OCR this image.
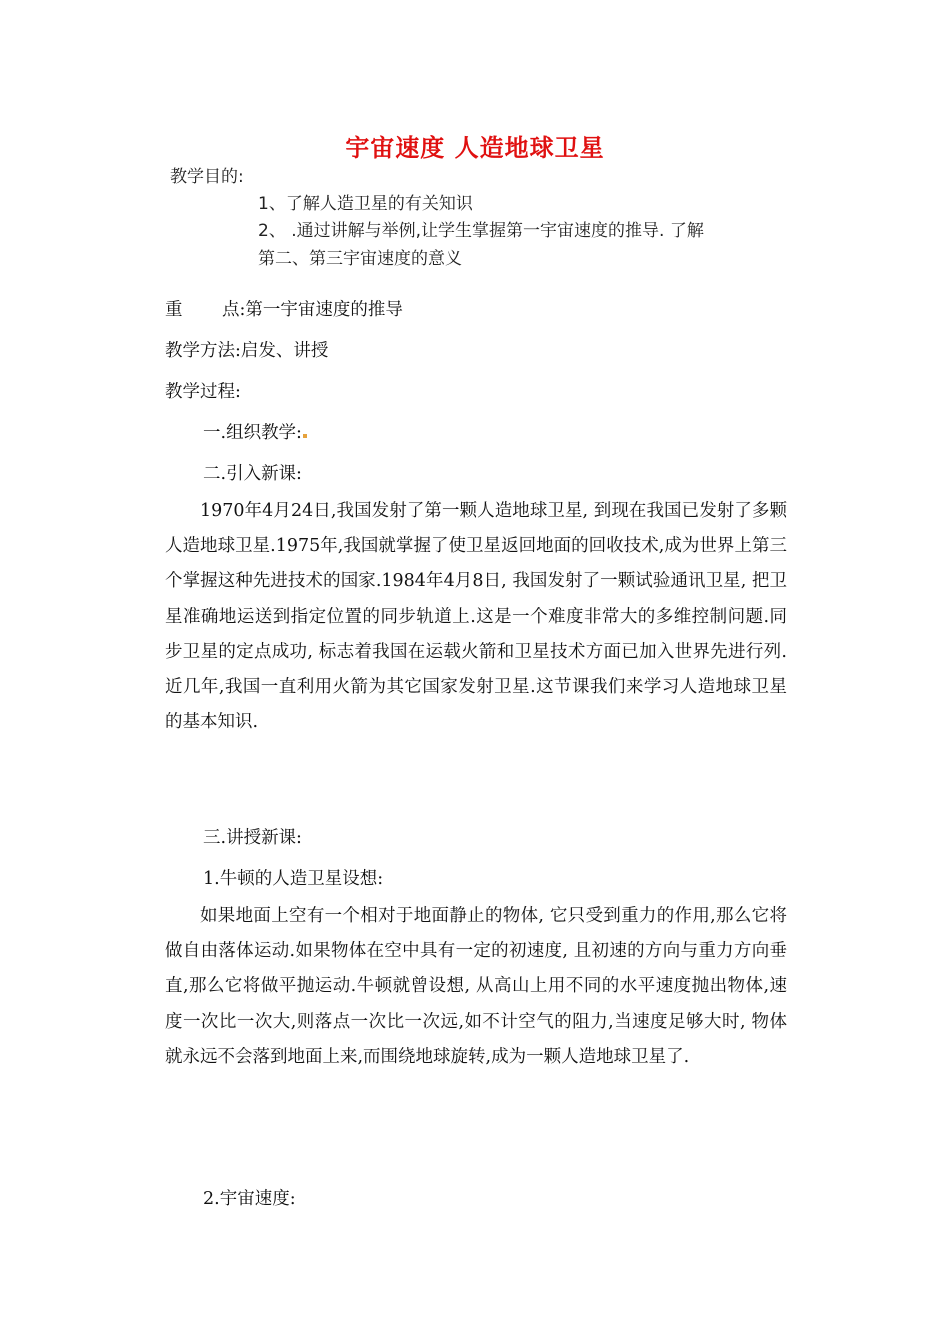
宇宙速度 人造地球卫星
教学目的:
1、了解人造卫星的有关知识
2、 .通过讲解与举例,让学生掌握第一宇宙速度的推导. 了解
第二、第三宇宙速度的意义
重 点:第一宇宙速度的推导
教学方法:启发、讲授
教学过程:
一.组织教学:
二.引入新课:
1970年4月24日,我国发射了第一颗人造地球卫星, 到现在我国已发射了多颗人造地球卫星.1975年,我国就掌握了使卫星返回地面的回收技术,成为世界上第三个掌握这种先进技术的国家.1984年4月8日, 我国发射了一颗试验通讯卫星, 把卫星准确地运送到指定位置的同步轨道上.这是一个难度非常大的多维控制问题.同步卫星的定点成功, 标志着我国在运载火箭和卫星技术方面已加入世界先进行列.近几年,我国一直利用火箭为其它国家发射卫星.这节课我们来学习人造地球卫星的基本知识.
三.讲授新课:
1.牛顿的人造卫星设想:
如果地面上空有一个相对于地面静止的物体, 它只受到重力的作用,那么它将做自由落体运动.如果物体在空中具有一定的初速度, 且初速的方向与重力方向垂直,那么它将做平抛运动.牛顿就曾设想, 从高山上用不同的水平速度抛出物体,速度一次比一次大,则落点一次比一次远,如不计空气的阻力,当速度足够大时, 物体就永远不会落到地面上来,而围绕地球旋转,成为一颗人造地球卫星了.
2.宇宙速度:
